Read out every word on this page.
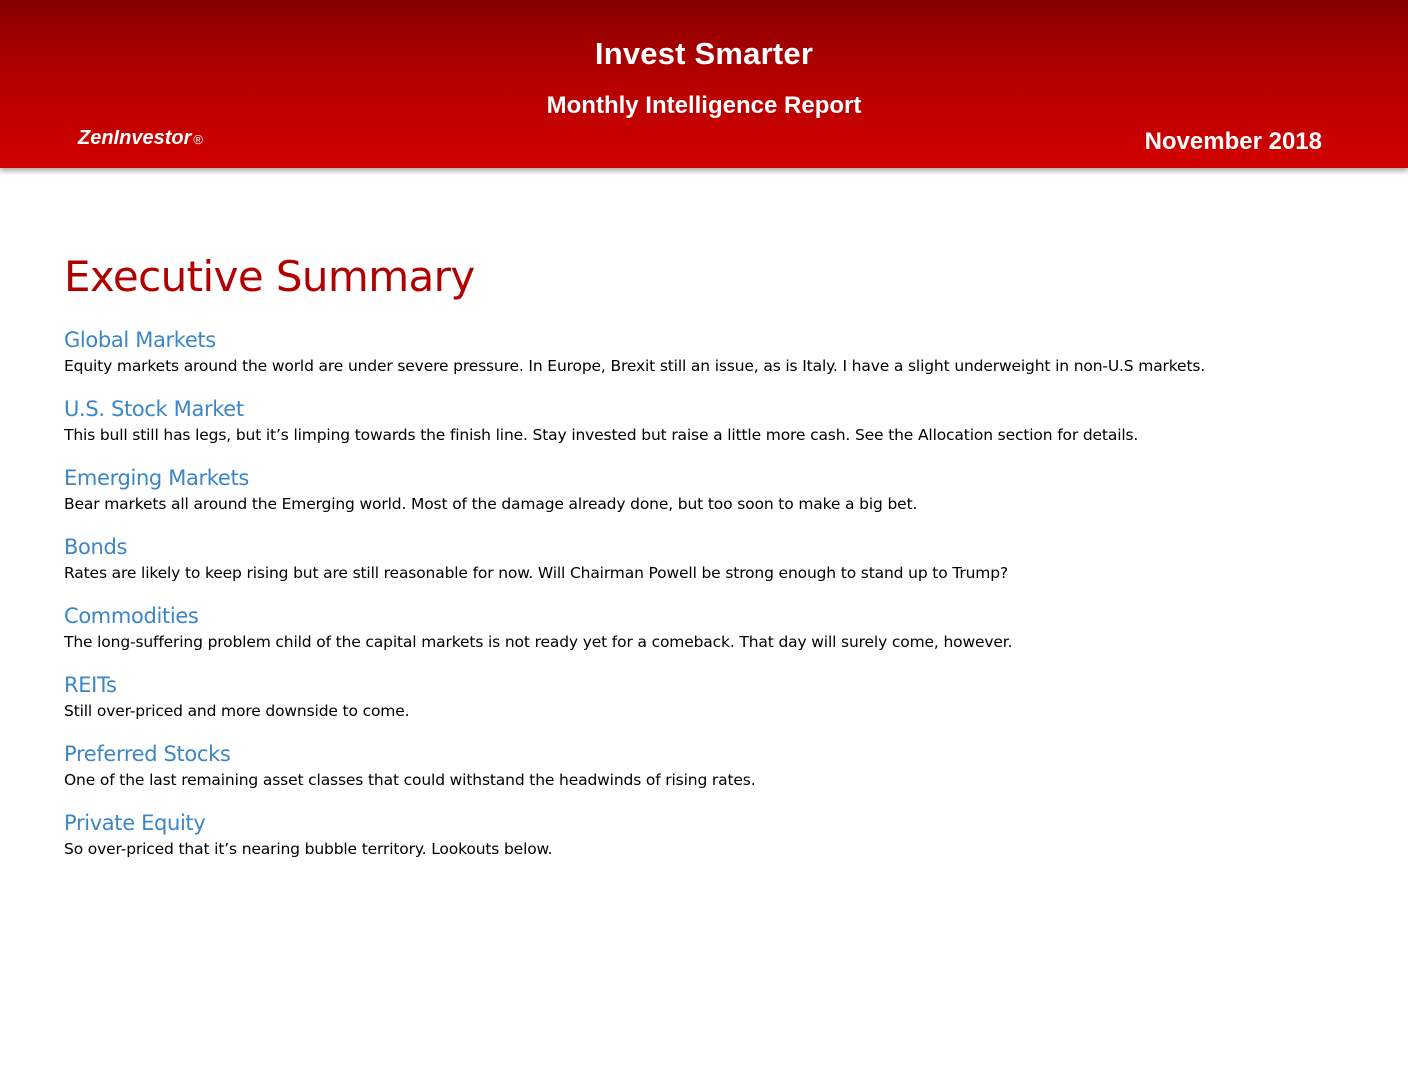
Invest Smarter
Monthly Intelligence Report
ZenInvestor ®	November 2018
Executive Summary
Global Markets

Equity markets around the world are under severe pressure. In Europe, Brexit still an issue, as is Italy. I have a slight underweight in non-U.S markets.

U.S. Stock Market

This bull still has legs, but it’s limping towards the finish line. Stay invested but raise a little more cash. See the Allocation section for details.

Emerging Markets

Bear markets all around the Emerging world. Most of the damage already done, but too soon to make a big bet.

Bonds

Rates are likely to keep rising but are still reasonable for now. Will Chairman Powell be strong enough to stand up to Trump?

Commodities

The long-suffering problem child of the capital markets is not ready yet for a comeback. That day will surely come, however.

REITs

Still over-priced and more downside to come.

Preferred Stocks

One of the last remaining asset classes that could withstand the headwinds of rising rates.

Private Equity

So over-priced that it’s nearing bubble territory. Lookouts below.
